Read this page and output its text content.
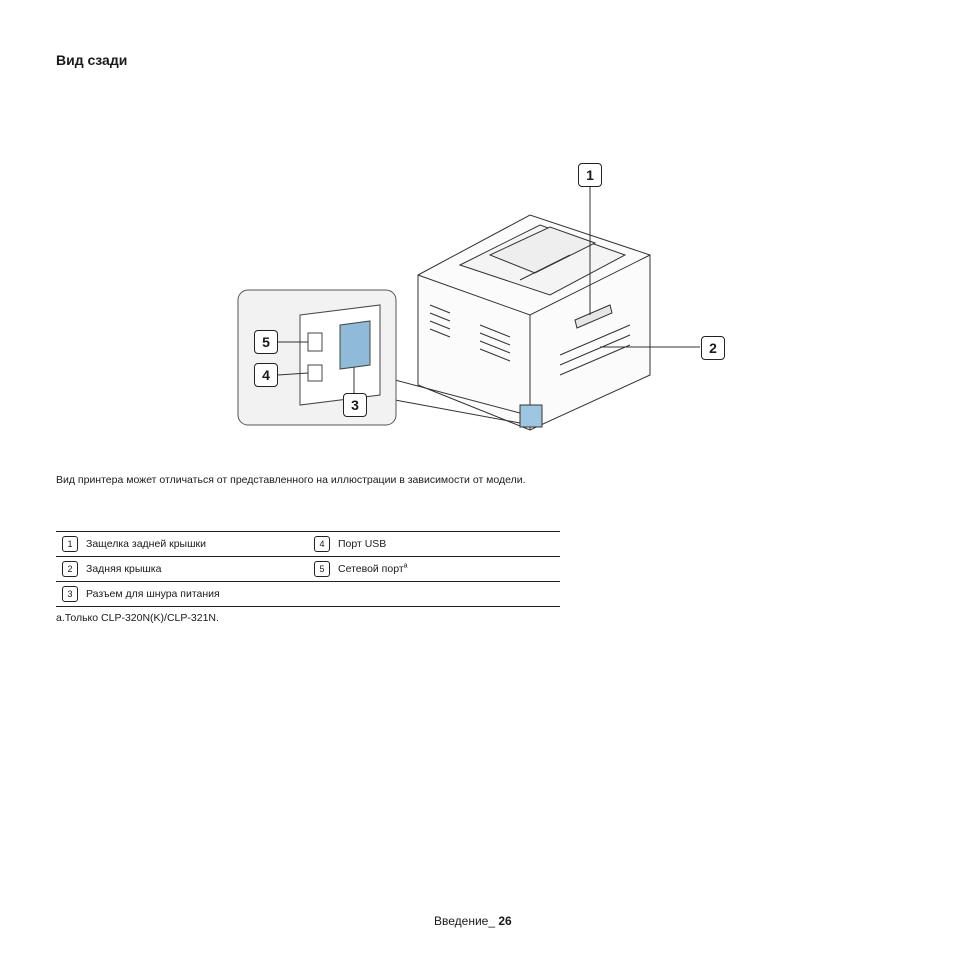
Вид сзади
1
2
3
4
5
Вид принтера может отличаться от представленного на иллюстрации в зависимости от модели.
1 Защелка задней крышки	4 Порт USB
2 Задняя крышка	5 Сетевой порт$^a$
3 Разъем для шнура питания	
a.Только CLP-320N(K)/CLP-321N.
Введение_ 26
